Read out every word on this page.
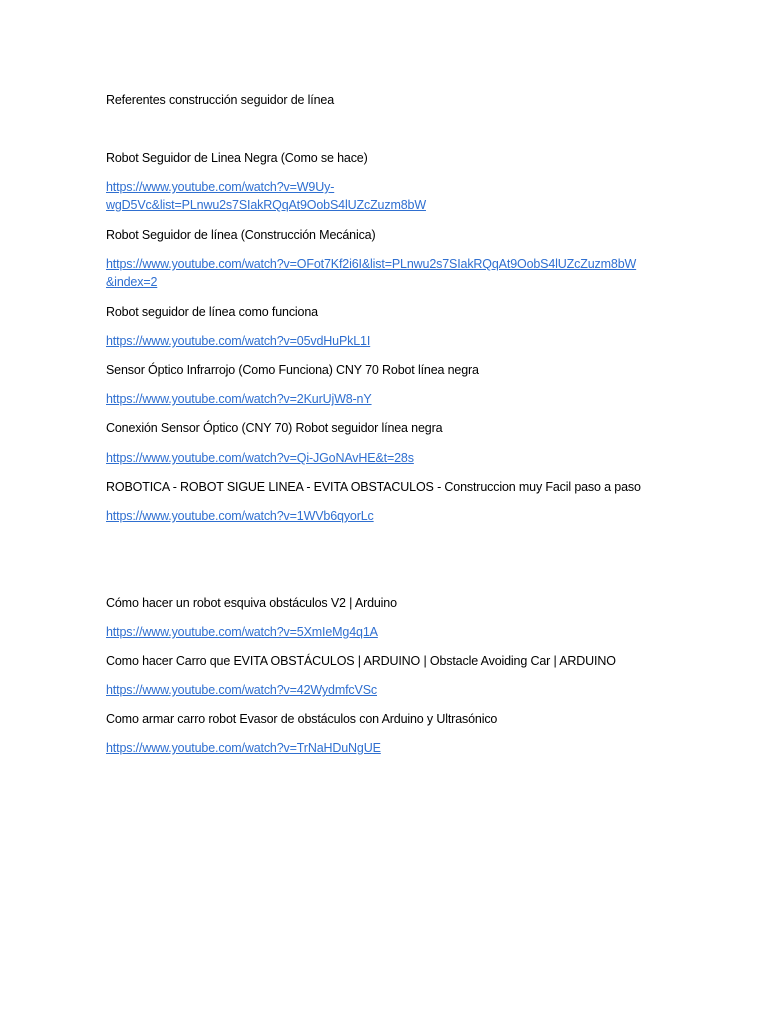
Referentes construcción seguidor de línea
Robot Seguidor de Linea Negra (Como se hace)
https://www.youtube.com/watch?v=W9Uy-
wgD5Vc&list=PLnwu2s7SIakRQqAt9OobS4lUZcZuzm8bW
Robot Seguidor de línea (Construcción Mecánica)
https://www.youtube.com/watch?v=OFot7Kf2i6I&list=PLnwu2s7SIakRQqAt9OobS4lUZcZuzm8bW
&index=2
Robot seguidor de línea como funciona
https://www.youtube.com/watch?v=05vdHuPkL1I
Sensor Óptico Infrarrojo (Como Funciona) CNY 70 Robot línea negra
https://www.youtube.com/watch?v=2KurUjW8-nY
Conexión Sensor Óptico (CNY 70) Robot seguidor línea negra
https://www.youtube.com/watch?v=Qi-JGoNAvHE&t=28s
ROBOTICA - ROBOT SIGUE LINEA - EVITA OBSTACULOS - Construccion muy Facil paso a paso
https://www.youtube.com/watch?v=1WVb6qyorLc
Cómo hacer un robot esquiva obstáculos V2 | Arduino
https://www.youtube.com/watch?v=5XmIeMg4q1A
Como hacer Carro que EVITA OBSTÁCULOS | ARDUINO | Obstacle Avoiding Car | ARDUINO
https://www.youtube.com/watch?v=42WydmfcVSc
Como armar carro robot Evasor de obstáculos con Arduino y Ultrasónico
https://www.youtube.com/watch?v=TrNaHDuNgUE
